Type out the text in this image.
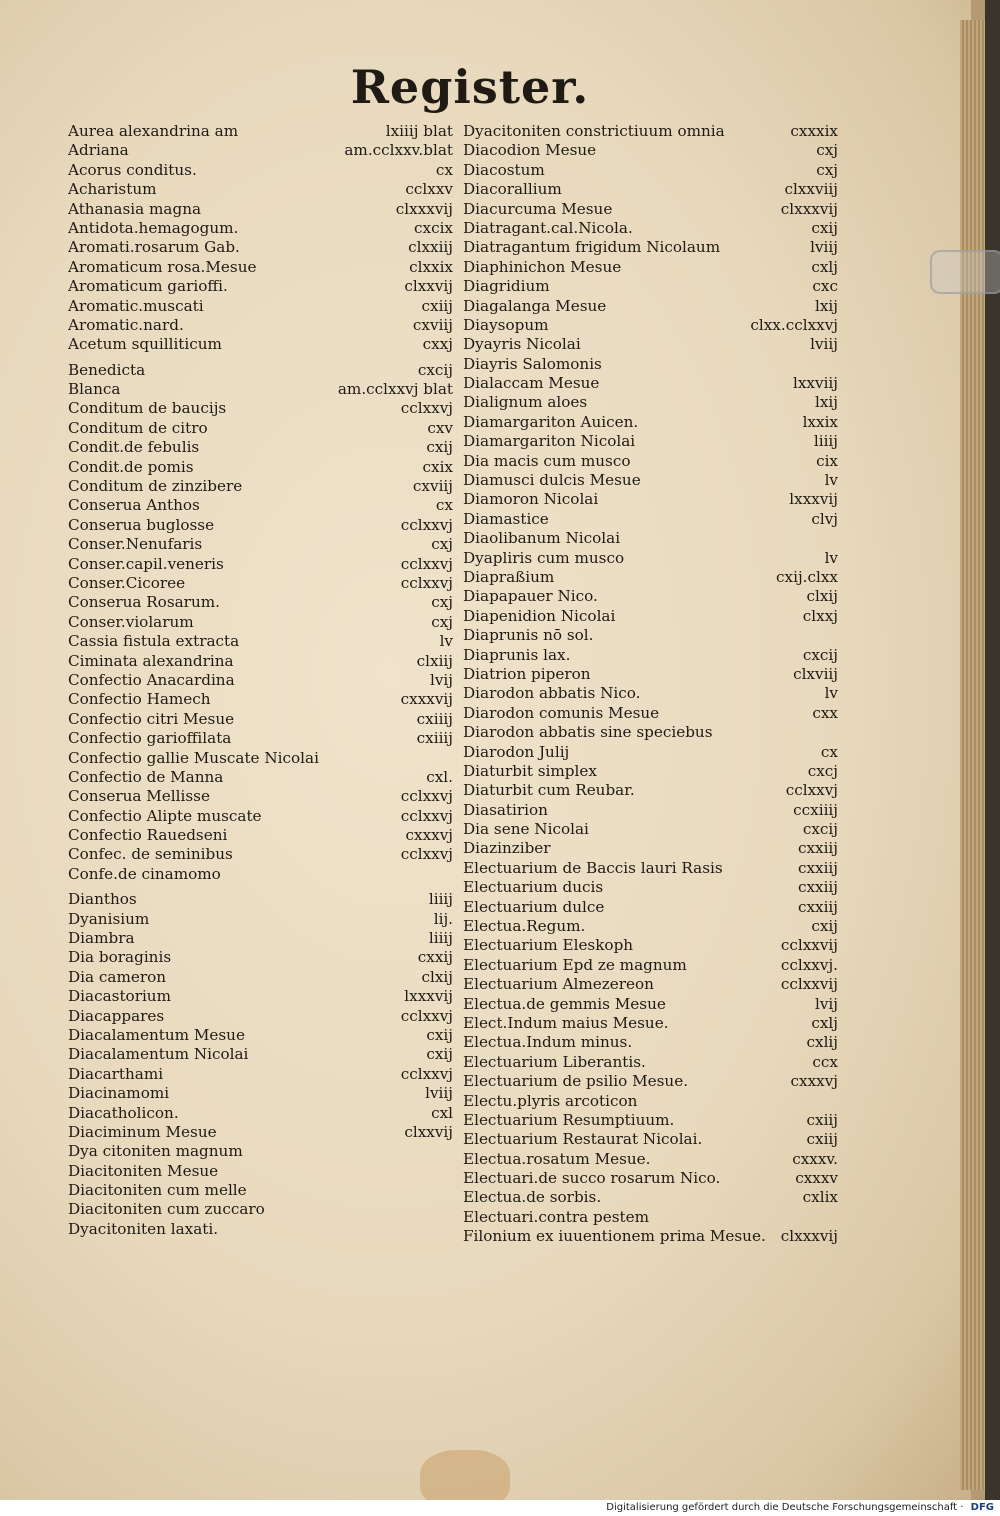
Register.
Aurea alexandrina am	lxiiij blat
Adriana	am.cclxxv.blat
Acorus conditus.	cx
Acharistum	cclxxv
Athanasia magna	clxxxvij
Antidota.hemagogum.	cxcix
Aromati.rosarum Gab.	clxxiij
Aromaticum rosa.Mesue	clxxix
Aromaticum garioffi.	clxxvij
Aromatic.muscati	cxiij
Aromatic.nard.	cxviij
Acetum squilliticum	cxxj
Benedicta	cxcij
Blanca	am.cclxxvj blat
Conditum de baucijs	cclxxvj
Conditum de citro	cxv
Condit.de febulis	cxij
Condit.de pomis	cxix
Conditum de zinzibere	cxviij
Conserua Anthos	cx
Conserua buglosse	cclxxvj
Conser.Nenufaris	cxj
Conser.capil.veneris	cclxxvj
Conser.Cicoree	cclxxvj
Conserua Rosarum.	cxj
Conser.violarum	cxj
Cassia fistula extracta	lv
Ciminata alexandrina	clxiij
Confectio Anacardina	lvij
Confectio Hamech	cxxxvij
Confectio citri Mesue	cxiiij
Confectio garioffilata	cxiiij
Confectio gallie Muscate Nicolai
Confectio de Manna	cxl.
Conserua Mellisse	cclxxvj
Confectio Alipte muscate	cclxxvj
Confectio Rauedseni	cxxxvj
Confec. de seminibus	cclxxvj
Confe.de cinamomo
Dianthos	liiij
Dyanisium	lij.
Diambra	liiij
Dia boraginis	cxxij
Dia cameron	clxij
Diacastorium	lxxxvij
Diacappares	cclxxvj
Diacalamentum Mesue	cxij
Diacalamentum Nicolai	cxij
Diacarthami	cclxxvj
Diacinamomi	lviij
Diacatholicon.	cxl
Diaciminum Mesue	clxxvij
Dya citoniten magnum
Diacitoniten Mesue
Diacitoniten cum melle
Diacitoniten cum zuccaro
Dyacitoniten laxati.
Dyacitoniten constrictiuum omnia	cxxxix
Diacodion Mesue	cxj
Diacostum	cxj
Diacorallium	clxxviij
Diacurcuma Mesue	clxxxvij
Diatragant.cal.Nicola.	cxij
Diatragantum frigidum Nicolaum	lviij
Diaphinichon Mesue	cxlj
Diagridium	cxc
Diagalanga Mesue	lxij
Diaysopum	clxx.cclxxvj
Dyayris Nicolai	lviij
Diayris Salomonis
Dialaccam Mesue	lxxviij
Dialignum aloes	lxij
Diamargariton Auicen.	lxxix
Diamargariton Nicolai	liiij
Dia macis cum musco	cix
Diamusci dulcis Mesue	lv
Diamoron Nicolai	lxxxvij
Diamastice	clvj
Diaolibanum Nicolai
Dyapliris cum musco	lv
Diapraßium	cxij.clxx
Diapapauer Nico.	clxij
Diapenidion Nicolai	clxxj
Diaprunis nō sol.
Diaprunis lax.	cxcij
Diatrion piperon	clxviij
Diarodon abbatis Nico.	lv
Diarodon comunis Mesue	cxx
Diarodon abbatis sine speciebus
Diarodon Julij	cx
Diaturbit simplex	cxcj
Diaturbit cum Reubar.	cclxxvj
Diasatirion	ccxiiij
Dia sene Nicolai	cxcij
Diazinziber	cxxiij
Electuarium de Baccis lauri Rasis	cxxiij
Electuarium ducis	cxxiij
Electuarium dulce	cxxiij
Electua.Regum.	cxij
Electuarium Eleskoph	cclxxvij
Electuarium Epd ze magnum	cclxxvj.
Electuarium Almezereon	cclxxvij
Electua.de gemmis Mesue	lvij
Elect.Indum maius Mesue.	cxlj
Electua.Indum minus.	cxlij
Electuarium Liberantis.	ccx
Electuarium de psilio Mesue.	cxxxvj
Electu.plyris arcoticon
Electuarium Resumptiuum.	cxiij
Electuarium Restaurat Nicolai.	cxiij
Electua.rosatum Mesue.	cxxxv.
Electuari.de succo rosarum Nico.	cxxxv
Electua.de sorbis.	cxlix
Electuari.contra pestem
Filonium ex iuuentionem prima Mesue. clxxxvij
Digitalisierung gefördert durch die Deutsche Forschungsgemeinschaft · DFG
